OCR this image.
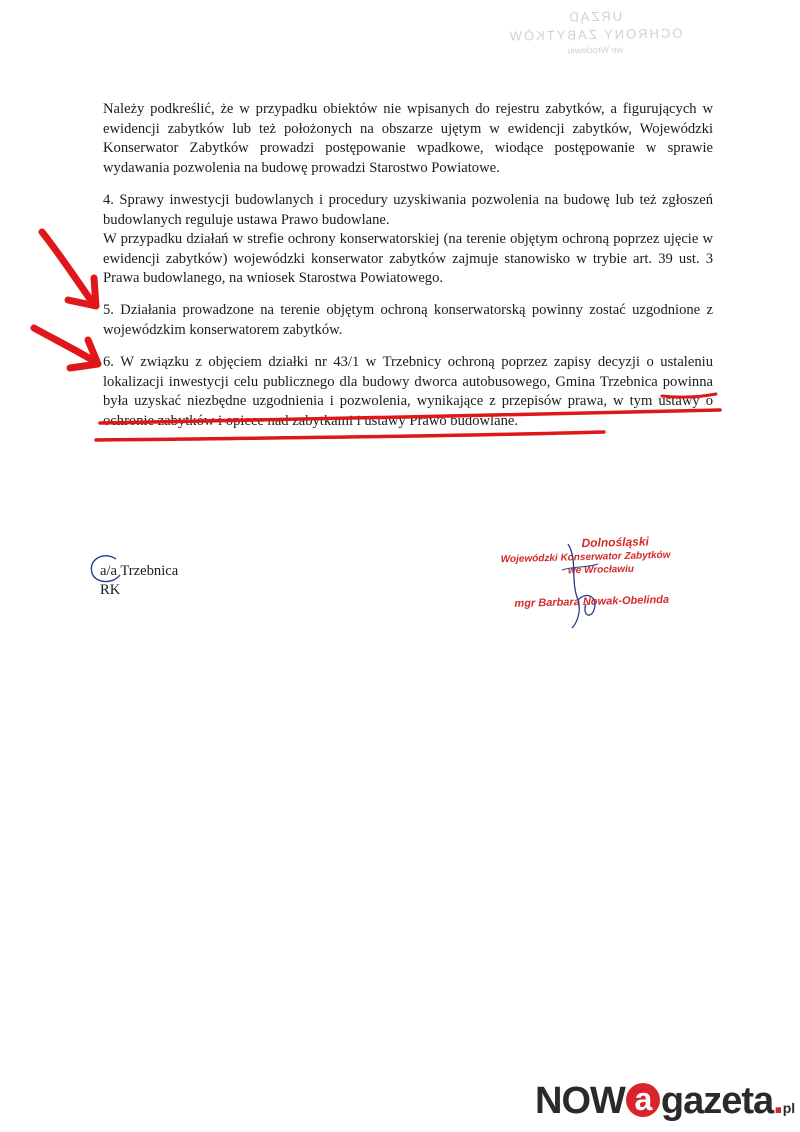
URZĄD
OCHRONY ZABYTKÓW
we Wrocławiu
Należy podkreślić, że w przypadku obiektów nie wpisanych do rejestru zabytków, a figurujących w ewidencji zabytków lub też położonych na obszarze ujętym w ewidencji zabytków, Wojewódzki Konserwator Zabytków prowadzi postępowanie wpadkowe, wiodące postępowanie w sprawie wydawania pozwolenia na budowę prowadzi Starostwo Powiatowe.
4. Sprawy inwestycji budowlanych i procedury uzyskiwania pozwolenia na budowę lub też zgłoszeń budowlanych reguluje ustawa Prawo budowlane.
W przypadku działań w strefie ochrony konserwatorskiej (na terenie objętym ochroną poprzez ujęcie w ewidencji zabytków) wojewódzki konserwator zabytków zajmuje stanowisko w trybie art. 39 ust. 3 Prawa budowlanego, na wniosek Starostwa Powiatowego.
5. Działania prowadzone na terenie objętym ochroną konserwatorską powinny zostać uzgodnione z wojewódzkim konserwatorem zabytków.
6. W związku z objęciem działki nr 43/1 w Trzebnicy ochroną poprzez zapisy decyzji o ustaleniu lokalizacji inwestycji celu publicznego dla budowy dworca autobusowego, Gmina Trzebnica powinna była uzyskać niezbędne uzgodnienia i pozwolenia, wynikające z przepisów prawa, w tym ustawy o ochronie zabytków i opiece nad zabytkami i ustawy Prawo budowlane.
a/a Trzebnica
RK
Dolnośląski
Wojewódzki Konserwator Zabytków
we Wrocławiu
mgr Barbara Nowak-Obelinda
NOW a gazeta.pl
